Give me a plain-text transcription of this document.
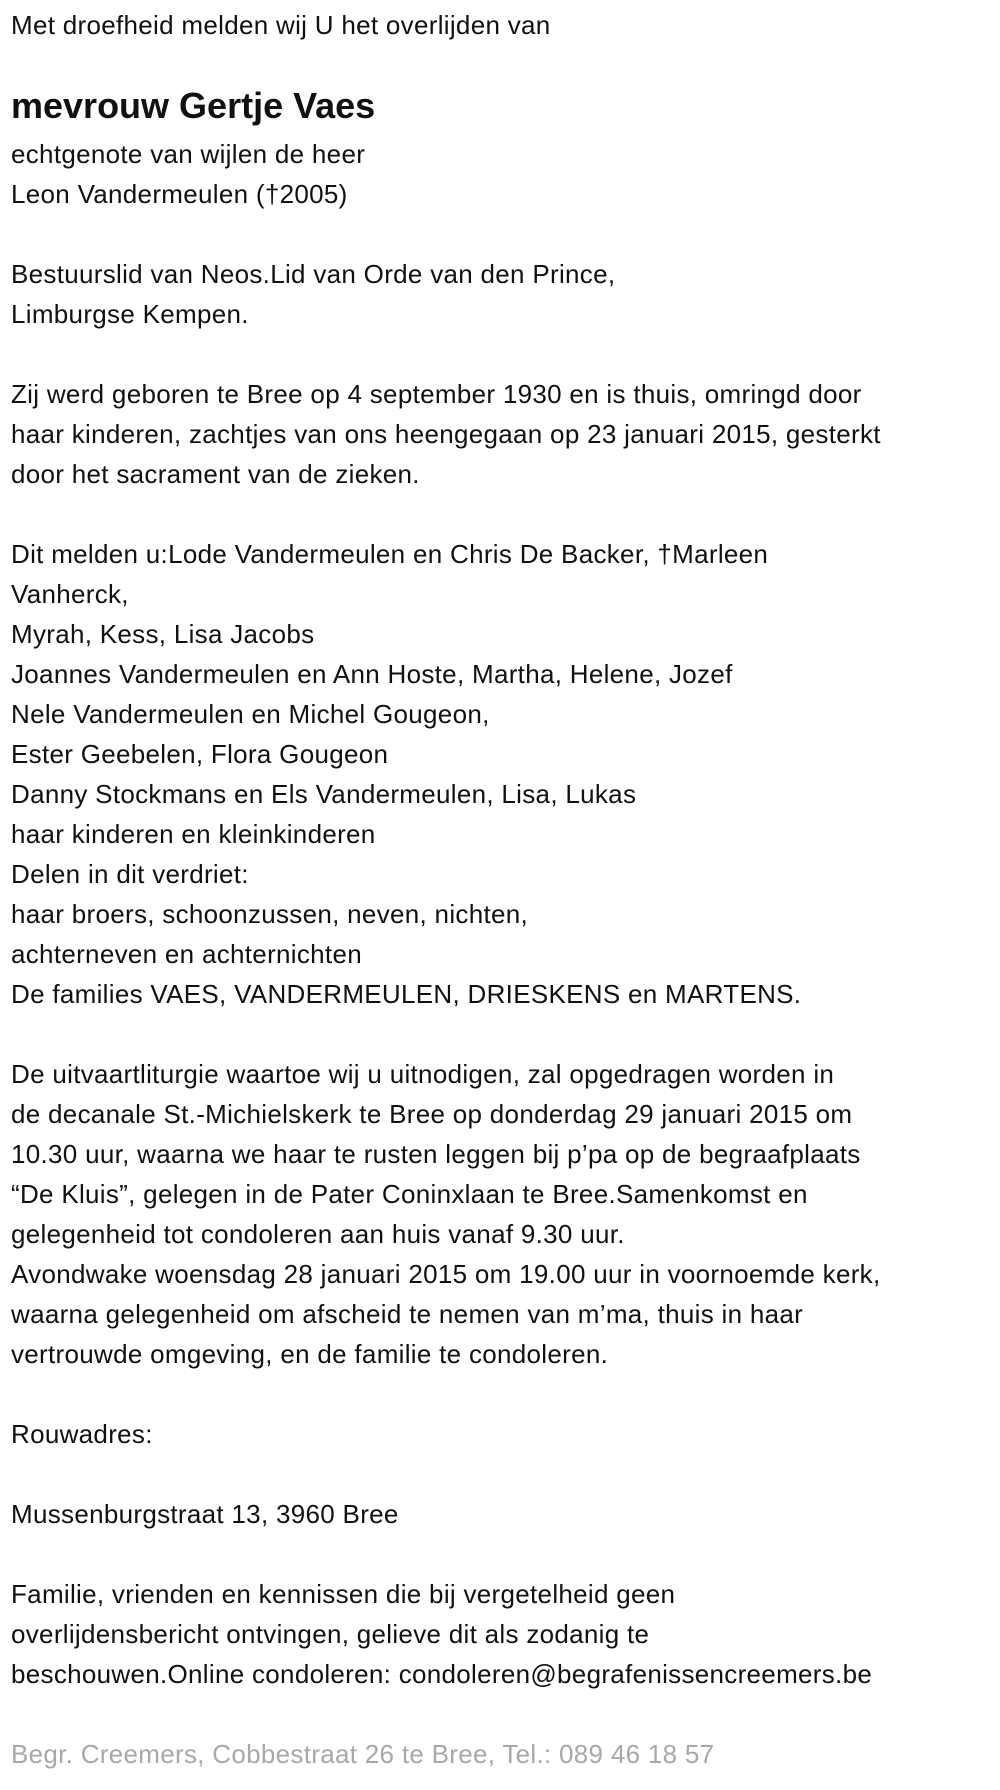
Met droefheid melden wij U het overlijden van
mevrouw Gertje Vaes
echtgenote van wijlen de heer
Leon Vandermeulen (†2005)
Bestuurslid van Neos.Lid van Orde van den Prince,
Limburgse Kempen.
Zij werd geboren te Bree op 4 september 1930 en is thuis, omringd door
haar kinderen, zachtjes van ons heengegaan op 23 januari 2015, gesterkt
door het sacrament van de zieken.
Dit melden u:Lode Vandermeulen en Chris De Backer, †Marleen
Vanherck,
Myrah, Kess, Lisa Jacobs
Joannes Vandermeulen en Ann Hoste, Martha, Helene, Jozef
Nele Vandermeulen en Michel Gougeon,
Ester Geebelen, Flora Gougeon
Danny Stockmans en Els Vandermeulen, Lisa, Lukas
haar kinderen en kleinkinderen
Delen in dit verdriet:
haar broers, schoonzussen, neven, nichten,
achterneven en achternichten
De families VAES, VANDERMEULEN, DRIESKENS en MARTENS.
De uitvaartliturgie waartoe wij u uitnodigen, zal opgedragen worden in
de decanale St.-Michielskerk te Bree op donderdag 29 januari 2015 om
10.30 uur, waarna we haar te rusten leggen bij p’pa op de begraafplaats
“De Kluis”, gelegen in de Pater Coninxlaan te Bree.Samenkomst en
gelegenheid tot condoleren aan huis vanaf 9.30 uur.
Avondwake woensdag 28 januari 2015 om 19.00 uur in voornoemde kerk,
waarna gelegenheid om afscheid te nemen van m’ma, thuis in haar
vertrouwde omgeving, en de familie te condoleren.
Rouwadres:
Mussenburgstraat 13, 3960 Bree
Familie, vrienden en kennissen die bij vergetelheid geen
overlijdensbericht ontvingen, gelieve dit als zodanig te
beschouwen.Online condoleren: condoleren@begrafenissencreemers.be
Begr. Creemers, Cobbestraat 26 te Bree, Tel.: 089 46 18 57
